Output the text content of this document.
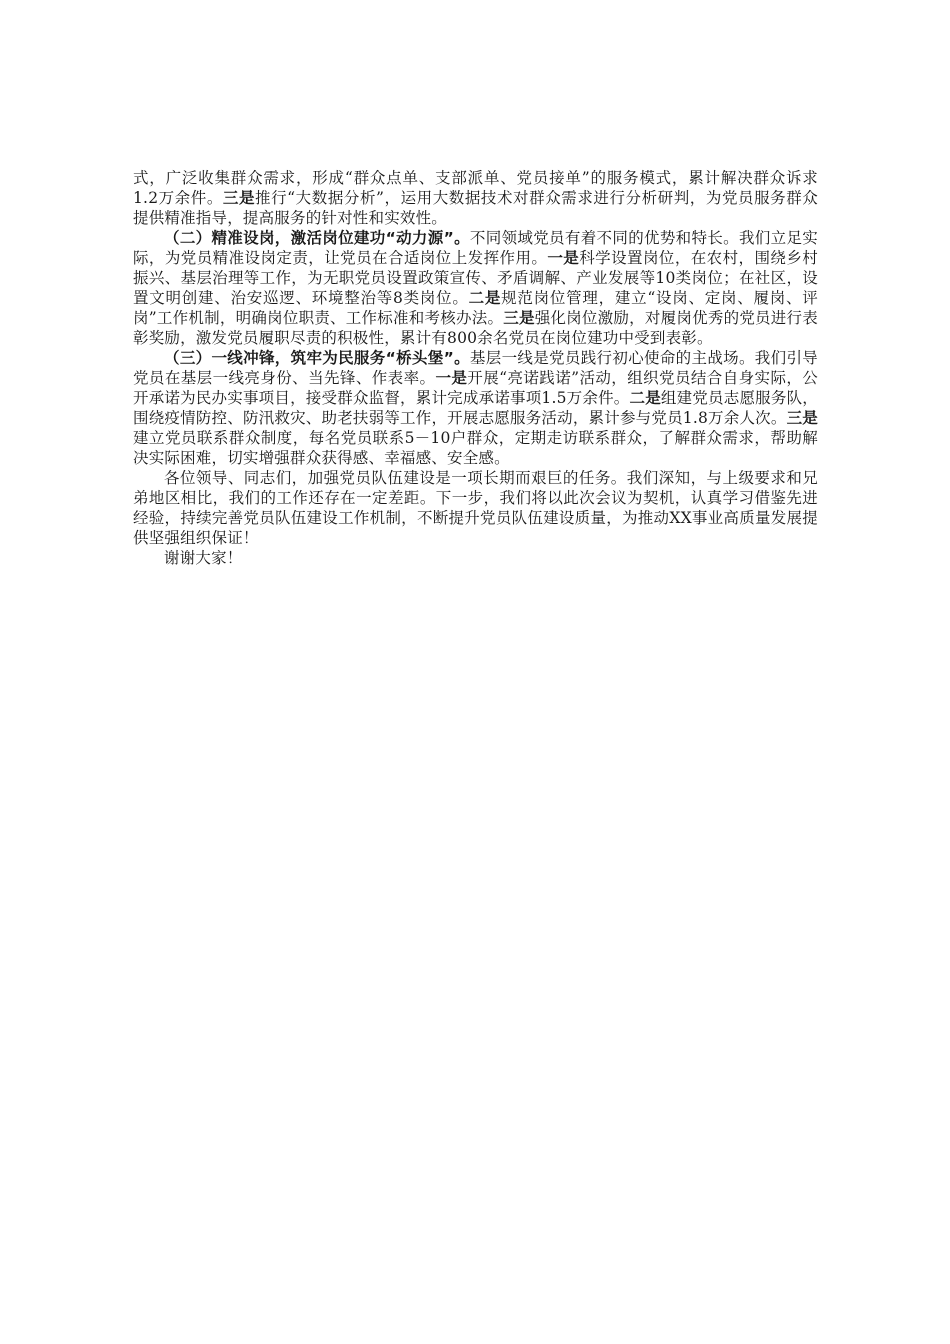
式，广泛收集群众需求，形成“群众点单、支部派单、党员接单”的服务模式，累计解决群众诉求1.2万余件。三是推行“大数据分析”，运用大数据技术对群众需求进行分析研判，为党员服务群众提供精准指导，提高服务的针对性和实效性。

（二）精准设岗，激活岗位建功“动力源”。不同领域党员有着不同的优势和特长。我们立足实际，为党员精准设岗定责，让党员在合适岗位上发挥作用。一是科学设置岗位，在农村，围绕乡村振兴、基层治理等工作，为无职党员设置政策宣传、矛盾调解、产业发展等10类岗位；在社区，设置文明创建、治安巡逻、环境整治等8类岗位。二是规范岗位管理，建立“设岗、定岗、履岗、评岗”工作机制，明确岗位职责、工作标准和考核办法。三是强化岗位激励，对履岗优秀的党员进行表彰奖励，激发党员履职尽责的积极性，累计有800余名党员在岗位建功中受到表彰。

（三）一线冲锋，筑牢为民服务“桥头堡”。基层一线是党员践行初心使命的主战场。我们引导党员在基层一线亮身份、当先锋、作表率。一是开展“亮诺践诺”活动，组织党员结合自身实际，公开承诺为民办实事项目，接受群众监督，累计完成承诺事项1.5万余件。二是组建党员志愿服务队，围绕疫情防控、防汛救灾、助老扶弱等工作，开展志愿服务活动，累计参与党员1.8万余人次。三是建立党员联系群众制度，每名党员联系5－10户群众，定期走访联系群众，了解群众需求，帮助解决实际困难，切实增强群众获得感、幸福感、安全感。

各位领导、同志们，加强党员队伍建设是一项长期而艰巨的任务。我们深知，与上级要求和兄弟地区相比，我们的工作还存在一定差距。下一步，我们将以此次会议为契机，认真学习借鉴先进经验，持续完善党员队伍建设工作机制，不断提升党员队伍建设质量，为推动XX事业高质量发展提供坚强组织保证！

谢谢大家！
